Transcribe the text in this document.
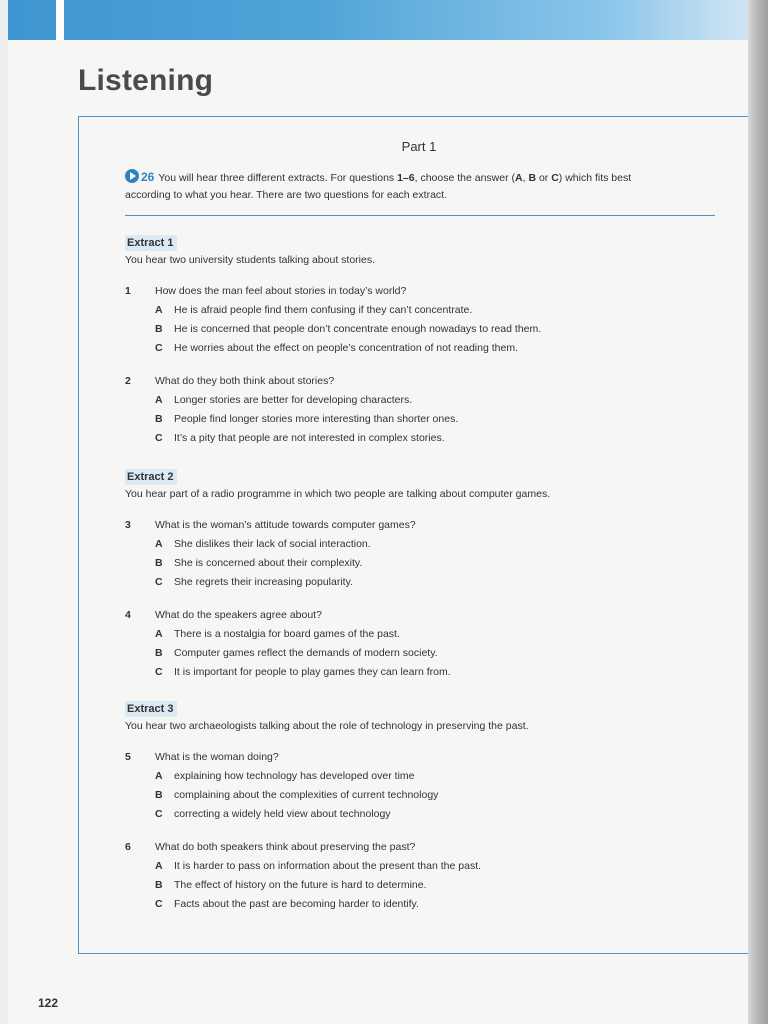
Listening
Part 1
26 You will hear three different extracts. For questions 1–6, choose the answer (A, B or C) which fits best
according to what you hear. There are two questions for each extract.
Extract 1
You hear two university students talking about stories.
1	How does the man feel about stories in today’s world?
A He is afraid people find them confusing if they can’t concentrate.
B He is concerned that people don’t concentrate enough nowadays to read them.
C He worries about the effect on people’s concentration of not reading them.
2	What do they both think about stories?
A Longer stories are better for developing characters.
B People find longer stories more interesting than shorter ones.
C It’s a pity that people are not interested in complex stories.
Extract 2
You hear part of a radio programme in which two people are talking about computer games.
3	What is the woman’s attitude towards computer games?
A She dislikes their lack of social interaction.
B She is concerned about their complexity.
C She regrets their increasing popularity.
4	What do the speakers agree about?
A There is a nostalgia for board games of the past.
B Computer games reflect the demands of modern society.
C It is important for people to play games they can learn from.
Extract 3
You hear two archaeologists talking about the role of technology in preserving the past.
5	What is the woman doing?
A explaining how technology has developed over time
B complaining about the complexities of current technology
C correcting a widely held view about technology
6	What do both speakers think about preserving the past?
A It is harder to pass on information about the present than the past.
B The effect of history on the future is hard to determine.
C Facts about the past are becoming harder to identify.
122
